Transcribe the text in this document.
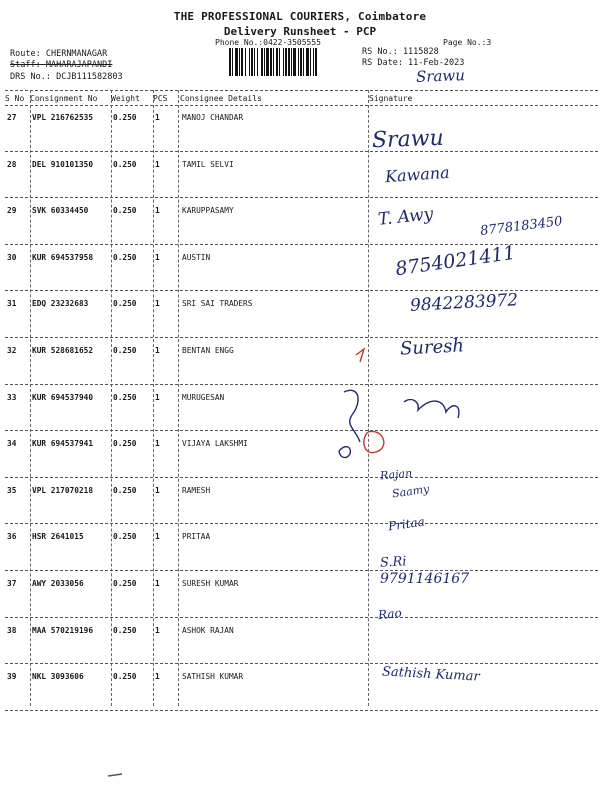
THE PROFESSIONAL COURIERS, Coimbatore
Delivery Runsheet - PCP
Phone No.:0422-3505555	Page No.:3
Route: CHERNMANAGAR
Staff: MAHARAJAPANDI
DRS No.: DCJB111582803
RS No.: 1115828
RS Date: 11-Feb-2023
Srawu
S No Consignment No Weight PCS Consignee Details	Signature
27 VPL 216762535	0.250 1	MANOJ CHANDAR
Srawu
28 DEL 910101350	0.250 1	TAMIL SELVI	Kawana
29 SVK 60334450	0.250 1	KARUPPASAMY	T. Awy	8778183450
30 KUR 694537958	0.250 1	AUSTIN	8754021411
31 EDQ 23232683	0.250 1	SRI SAI TRADERS	9842283972
32 KUR 528681652	0.250 1	BENTAN ENGG	Suresh
33 KUR 694537940	0.250 1	MURUGESAN
34 KUR 694537941	0.250 1	VIJAYA LAKSHMI
35 VPL 217070218	0.250 1	RAMESH
Rajan
Saamy
36 HSR 2641015	0.250 1	PRITAA
Pritaa
37 AWY 2033056	0.250 1	SURESH KUMAR
S.Ri
9791146167
38 MAA 570219196	0.250 1	ASHOK RAJAN
Rao
39 NKL 3093606	0.250 1	SATHISH KUMAR	Sathish Kumar
